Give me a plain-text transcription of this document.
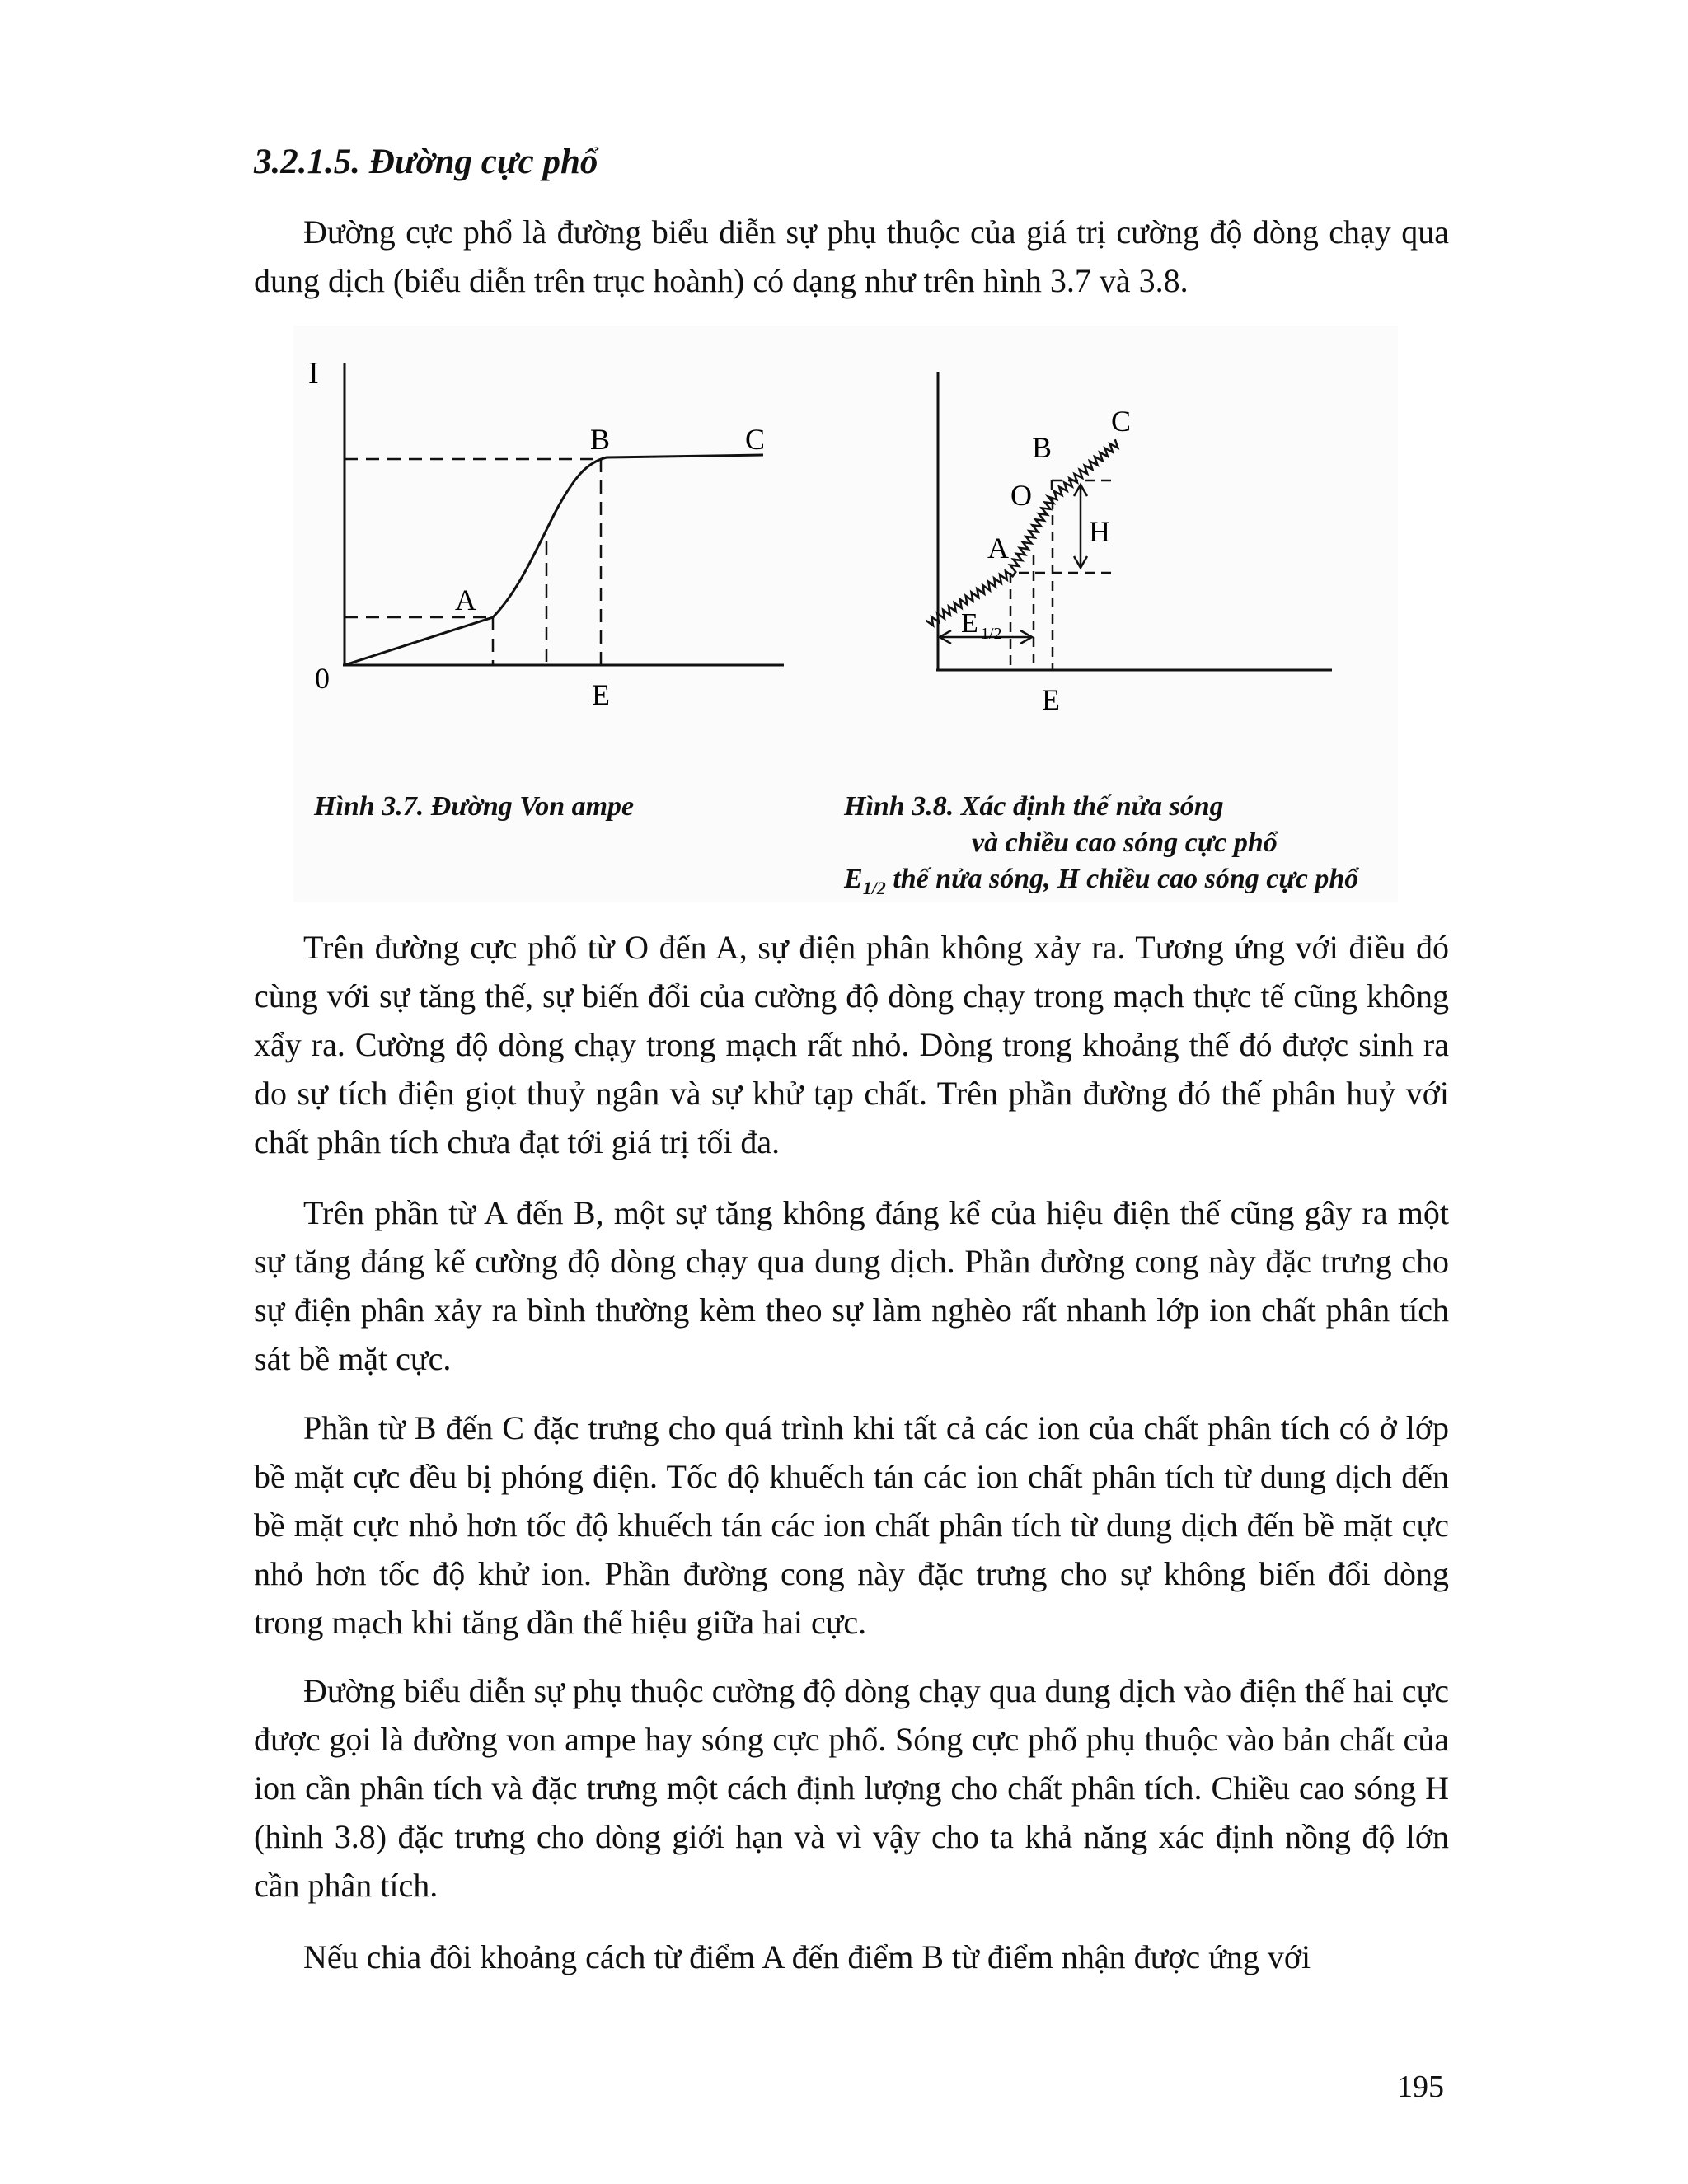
3.2.1.5. Đường cực phổ

Đường cực phổ là đường biểu diễn sự phụ thuộc của giá trị cường độ dòng chạy qua dung dịch (biểu diễn trên trục hoành) có dạng như trên hình 3.7 và 3.8.

I
0	E
A
B	C
A
O
B
C
H
E 1/2
E
Hình 3.7. Đường Von ampe	Hình 3.8. Xác định thế nửa sóng
và chiều cao sóng cực phổ
$E_{1/2}$ thế nửa sóng, H chiều cao sóng cực phổ

Trên đường cực phổ từ O đến A, sự điện phân không xảy ra. Tương ứng với điều đó cùng với sự tăng thế, sự biến đổi của cường độ dòng chạy trong mạch thực tế cũng không xẩy ra. Cường độ dòng chạy trong mạch rất nhỏ. Dòng trong khoảng thế đó được sinh ra do sự tích điện giọt thuỷ ngân và sự khử tạp chất. Trên phần đường đó thế phân huỷ với chất phân tích chưa đạt tới giá trị tối đa.

Trên phần từ A đến B, một sự tăng không đáng kể của hiệu điện thế cũng gây ra một sự tăng đáng kể cường độ dòng chạy qua dung dịch. Phần đường cong này đặc trưng cho sự điện phân xảy ra bình thường kèm theo sự làm nghèo rất nhanh lớp ion chất phân tích sát bề mặt cực.

Phần từ B đến C đặc trưng cho quá trình khi tất cả các ion của chất phân tích có ở lớp bề mặt cực đều bị phóng điện. Tốc độ khuếch tán các ion chất phân tích từ dung dịch đến bề mặt cực nhỏ hơn tốc độ khuếch tán các ion chất phân tích từ dung dịch đến bề mặt cực nhỏ hơn tốc độ khử ion. Phần đường cong này đặc trưng cho sự không biến đổi dòng trong mạch khi tăng dần thế hiệu giữa hai cực.

Đường biểu diễn sự phụ thuộc cường độ dòng chạy qua dung dịch vào điện thế hai cực được gọi là đường von ampe hay sóng cực phổ. Sóng cực phổ phụ thuộc vào bản chất của ion cần phân tích và đặc trưng một cách định lượng cho chất phân tích. Chiều cao sóng H (hình 3.8) đặc trưng cho dòng giới hạn và vì vậy cho ta khả năng xác định nồng độ lớn cần phân tích.

Nếu chia đôi khoảng cách từ điểm A đến điểm B từ điểm nhận được ứng với

195
